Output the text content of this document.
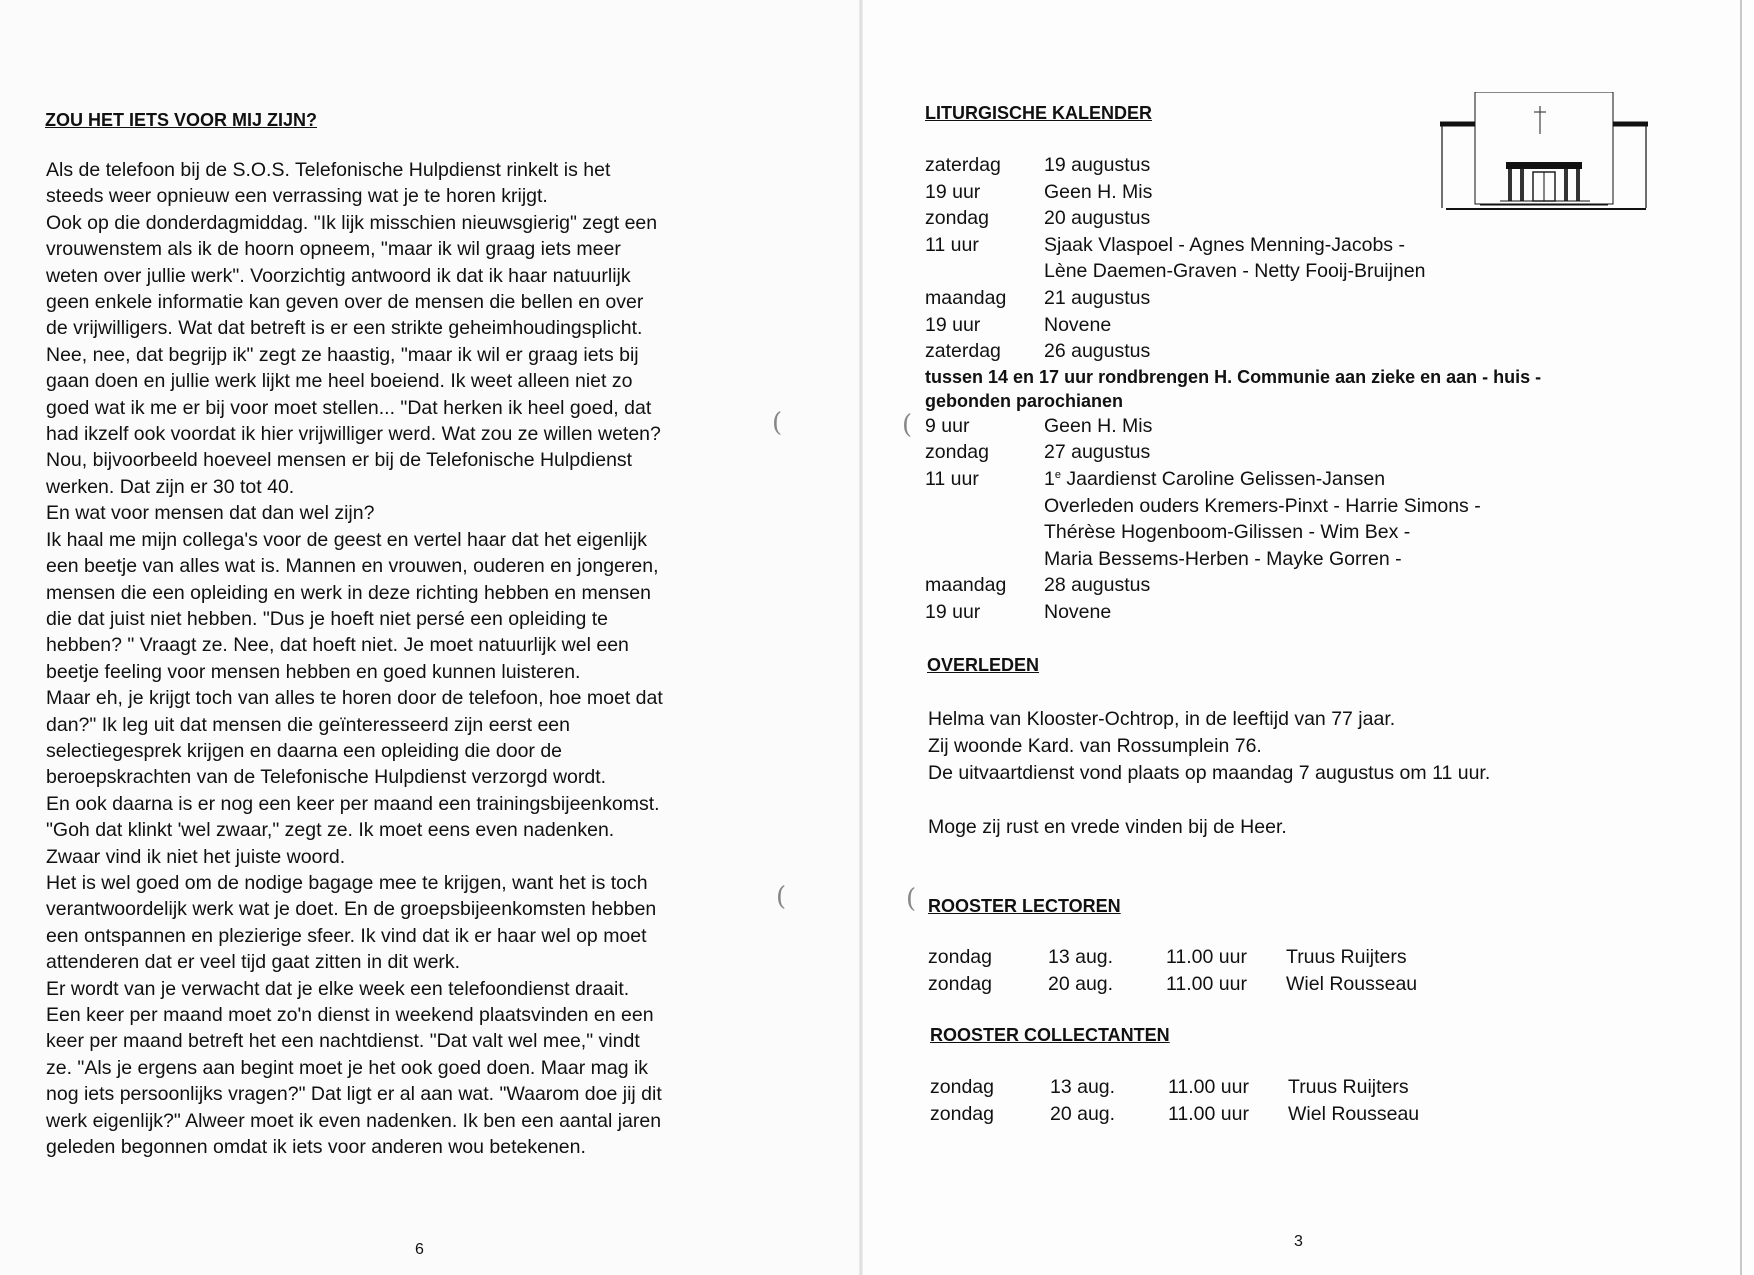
ZOU HET IETS VOOR MIJ ZIJN?

Als de telefoon bij de S.O.S. Telefonische Hulpdienst rinkelt is het

steeds weer opnieuw een verrassing wat je te horen krijgt.

Ook op die donderdagmiddag. "Ik lijk misschien nieuwsgierig" zegt een

vrouwenstem als ik de hoorn opneem, "maar ik wil graag iets meer

weten over jullie werk". Voorzichtig antwoord ik dat ik haar natuurlijk

geen enkele informatie kan geven over de mensen die bellen en over

de vrijwilligers. Wat dat betreft is er een strikte geheimhoudingsplicht.

Nee, nee, dat begrijp ik" zegt ze haastig, "maar ik wil er graag iets bij

gaan doen en jullie werk lijkt me heel boeiend. Ik weet alleen niet zo

goed wat ik me er bij voor moet stellen... "Dat herken ik heel goed, dat

had ikzelf ook voordat ik hier vrijwilliger werd. Wat zou ze willen weten?

Nou, bijvoorbeeld hoeveel mensen er bij de Telefonische Hulpdienst

werken. Dat zijn er 30 tot 40.

En wat voor mensen dat dan wel zijn?

Ik haal me mijn collega's voor de geest en vertel haar dat het eigenlijk

een beetje van alles wat is. Mannen en vrouwen, ouderen en jongeren,

mensen die een opleiding en werk in deze richting hebben en mensen

die dat juist niet hebben. "Dus je hoeft niet persé een opleiding te

hebben? " Vraagt ze. Nee, dat hoeft niet. Je moet natuurlijk wel een

beetje feeling voor mensen hebben en goed kunnen luisteren.

Maar eh, je krijgt toch van alles te horen door de telefoon, hoe moet dat

dan?" Ik leg uit dat mensen die geïnteresseerd zijn eerst een

selectiegesprek krijgen en daarna een opleiding die door de

beroepskrachten van de Telefonische Hulpdienst verzorgd wordt.

En ook daarna is er nog een keer per maand een trainingsbijeenkomst.

"Goh dat klinkt 'wel zwaar," zegt ze. Ik moet eens even nadenken.

Zwaar vind ik niet het juiste woord.

Het is wel goed om de nodige bagage mee te krijgen, want het is toch

verantwoordelijk werk wat je doet. En de groepsbijeenkomsten hebben

een ontspannen en plezierige sfeer. Ik vind dat ik er haar wel op moet

attenderen dat er veel tijd gaat zitten in dit werk.

Er wordt van je verwacht dat je elke week een telefoondienst draait.

Een keer per maand moet zo'n dienst in weekend plaatsvinden en een

keer per maand betreft het een nachtdienst. "Dat valt wel mee," vindt

ze. "Als je ergens aan begint moet je het ook goed doen. Maar mag ik

nog iets persoonlijks vragen?" Dat ligt er al aan wat. "Waarom doe jij dit

werk eigenlijk?" Alweer moet ik even nadenken. Ik ben een aantal jaren

geleden begonnen omdat ik iets voor anderen wou betekenen.

6
(	(
(	(
LITURGISCHE KALENDER
zaterdag	19 augustus
19 uur	Geen H. Mis
zondag	20 augustus
11 uur	Sjaak Vlaspoel - Agnes Menning-Jacobs -
Lène Daemen-Graven - Netty Fooij-Bruijnen
maandag	21 augustus
19 uur	Novene
zaterdag	26 augustus
tussen 14 en 17 uur rondbrengen H. Communie aan zieke en aan - huis -
gebonden parochianen
9 uur	Geen H. Mis
zondag	27 augustus
11 uur	1e Jaardienst Caroline Gelissen-Jansen
Overleden ouders Kremers-Pinxt - Harrie Simons -
Thérèse Hogenboom-Gilissen - Wim Bex -
Maria Bessems-Herben - Mayke Gorren -
maandag	28 augustus
19 uur	Novene
OVERLEDEN

Helma van Klooster-Ochtrop, in de leeftijd van 77 jaar.

Zij woonde Kard. van Rossumplein 76.

De uitvaartdienst vond plaats op maandag 7 augustus om 11 uur.

Moge zij rust en vrede vinden bij de Heer.
ROOSTER LECTOREN
zondag	13 aug.	11.00 uur	Truus Ruijters
zondag	20 aug.	11.00 uur	Wiel Rousseau
ROOSTER COLLECTANTEN
zondag	13 aug.	11.00 uur	Truus Ruijters
zondag	20 aug.	11.00 uur	Wiel Rousseau
3
